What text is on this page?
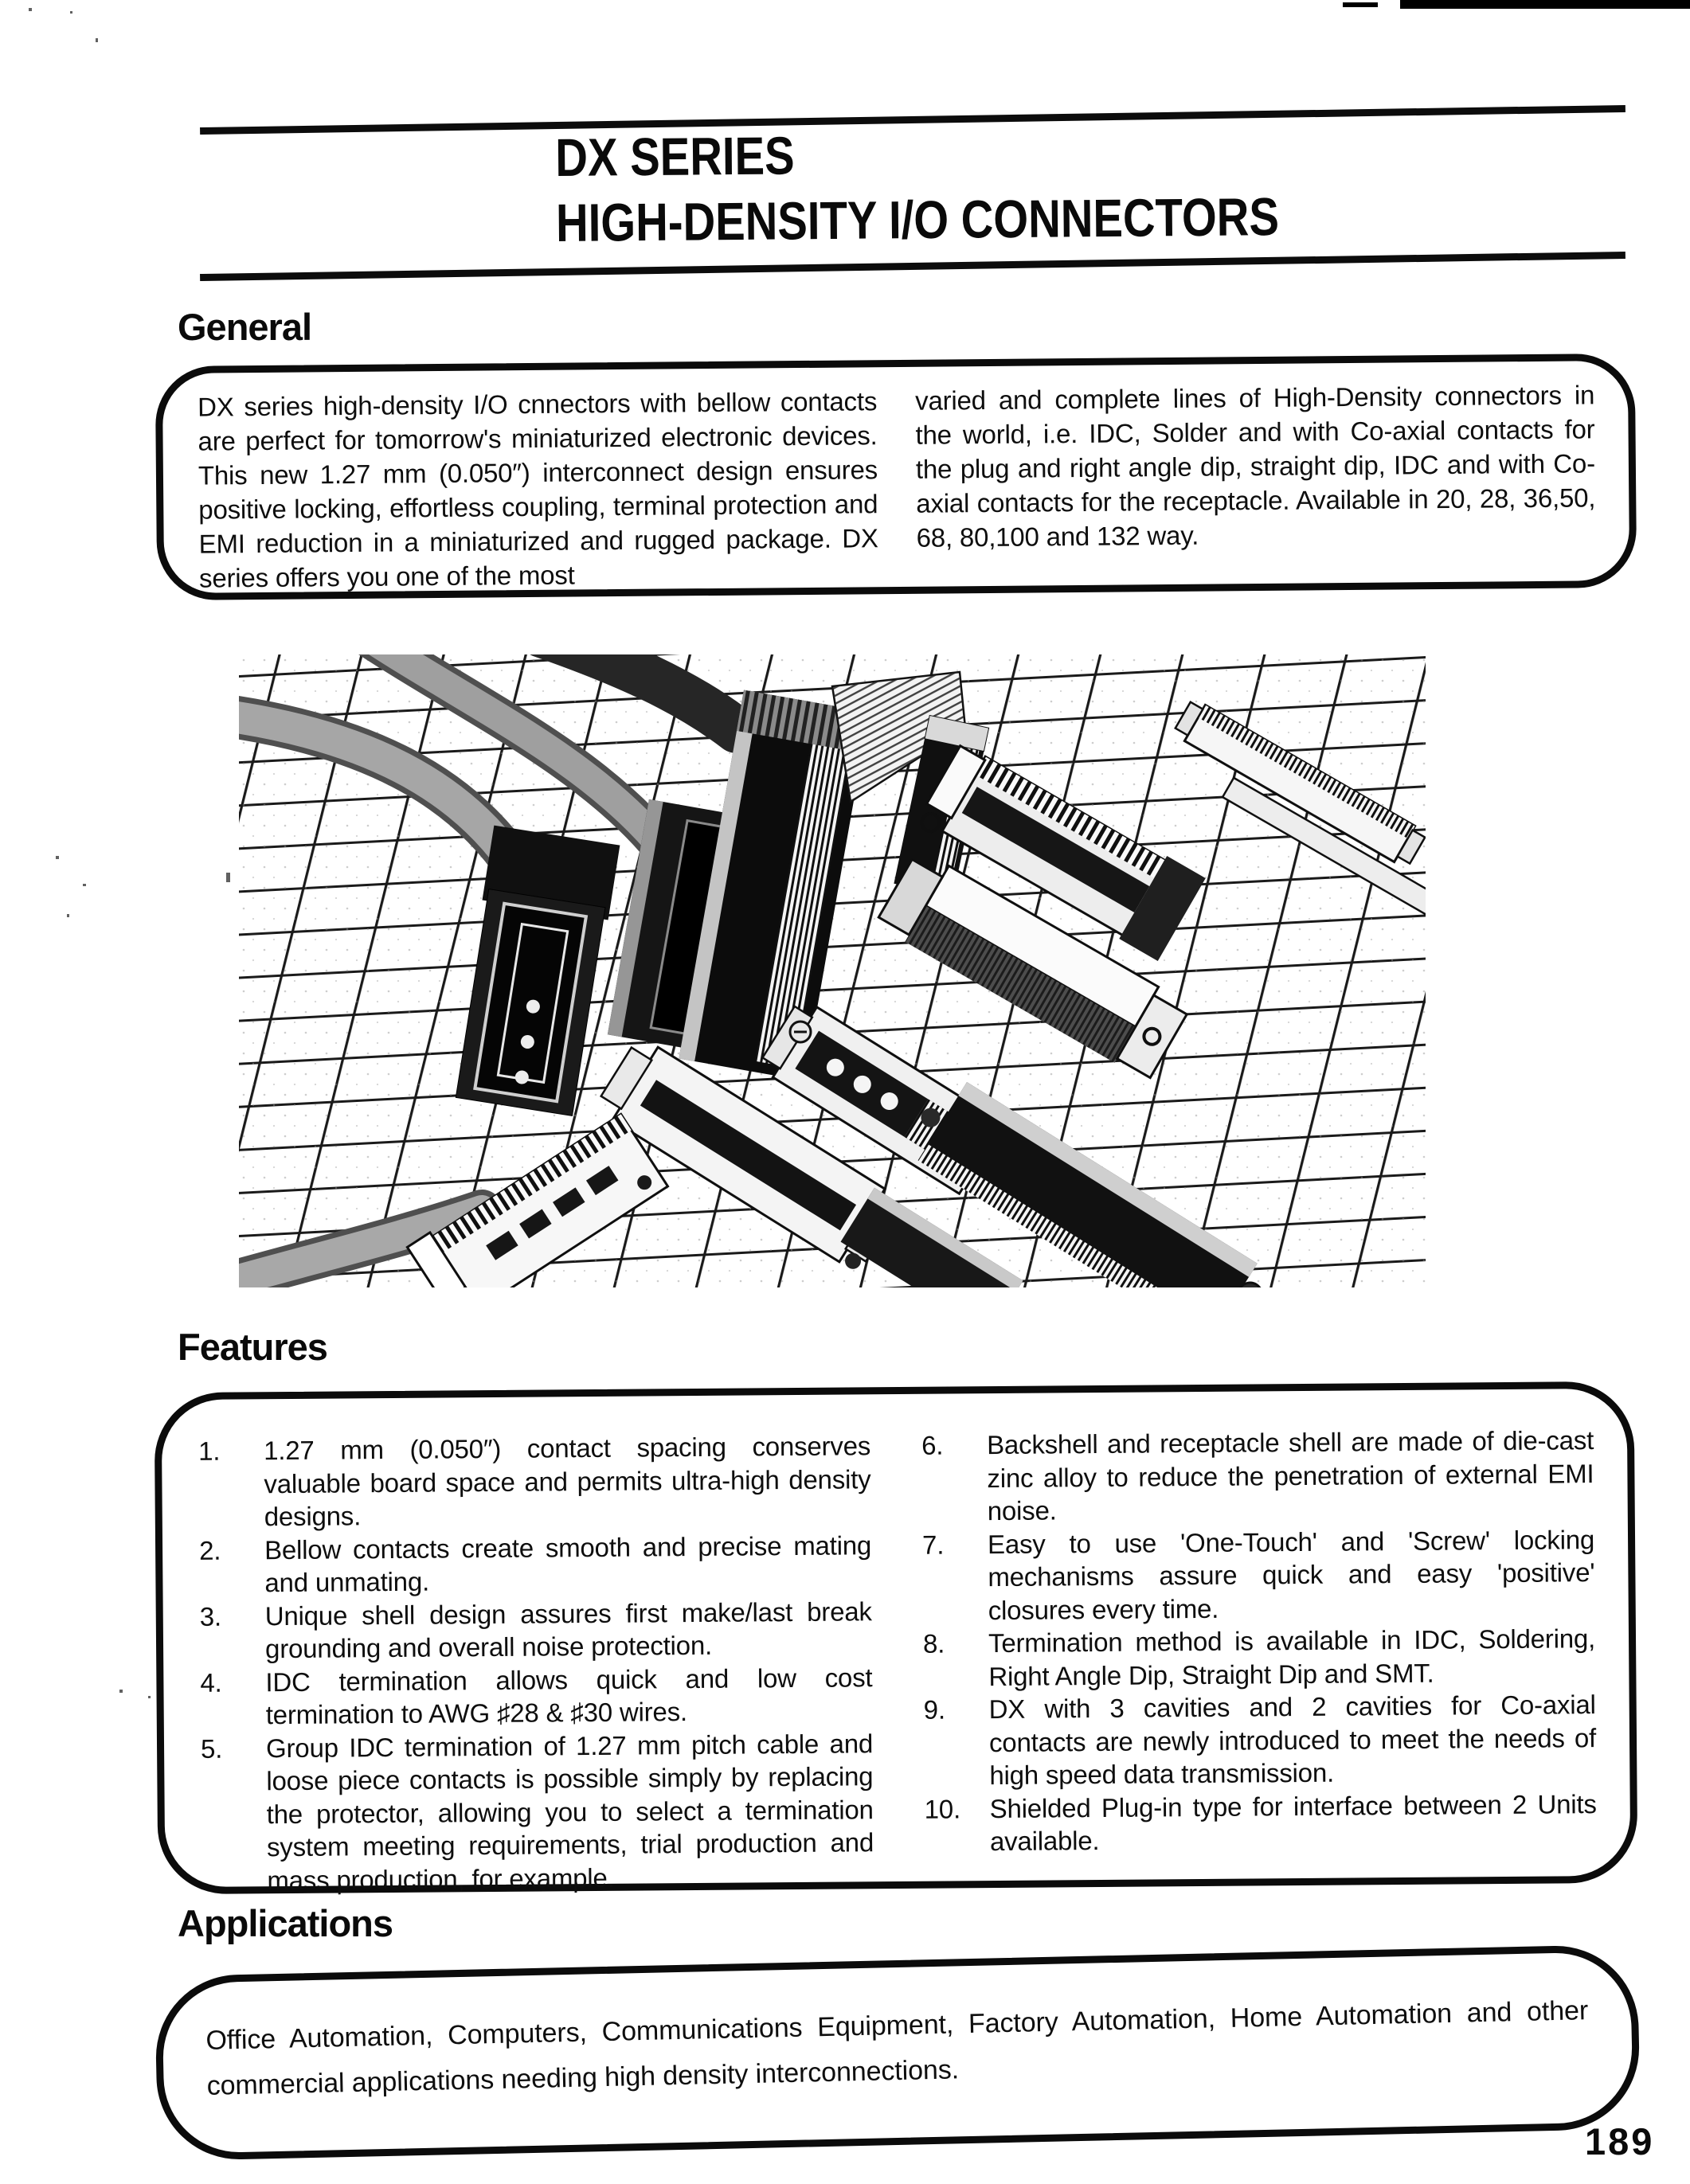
DX SERIES
HIGH-DENSITY I/O CONNECTORS
General

DX series high-density I/O cnnectors with bellow contacts are perfect for tomorrow's miniaturized electronic devices. This new 1.27 mm (0.050″) interconnect design ensures positive locking, effortless coupling, terminal protection and EMI reduction in a miniaturized and rugged package. DX series offers you one of the most

varied and complete lines of High-Density connectors in the world, i.e. IDC, Solder and with Co-axial contacts for the plug and right angle dip, straight dip, IDC and with Co-axial contacts for the receptacle. Available in 20, 28, 36,50, 68, 80,100 and 132 way.

Features
1.	1.27 mm (0.050″) contact spacing conserves valuable board space and permits ultra-high density designs.
2.	Bellow contacts create smooth and precise mating and unmating.
3.	Unique shell design assures first make/last break grounding and overall noise protection.
4.	IDC termination allows quick and low cost termination to AWG ♯28 & ♯30 wires.
5.	Group IDC termination of 1.27 mm pitch cable and loose piece contacts is possible simply by replacing the protector, allowing you to select a termination system meeting requirements, trial production and mass production, for example.
6.	Backshell and receptacle shell are made of die-cast zinc alloy to reduce the penetration of external EMI noise.
7.	Easy to use 'One-Touch' and 'Screw' locking mechanisms assure quick and easy 'positive' closures every time.
8.	Termination method is available in IDC, Soldering, Right Angle Dip, Straight Dip and SMT.
9.	DX with 3 cavities and 2 cavities for Co-axial contacts are newly introduced to meet the needs of high speed data transmission.
10.	Shielded Plug-in type for interface between 2 Units available.
Applications

Office Automation, Computers, Communications Equipment, Factory Automation, Home Automation and other commercial applications needing high density interconnections.

189
